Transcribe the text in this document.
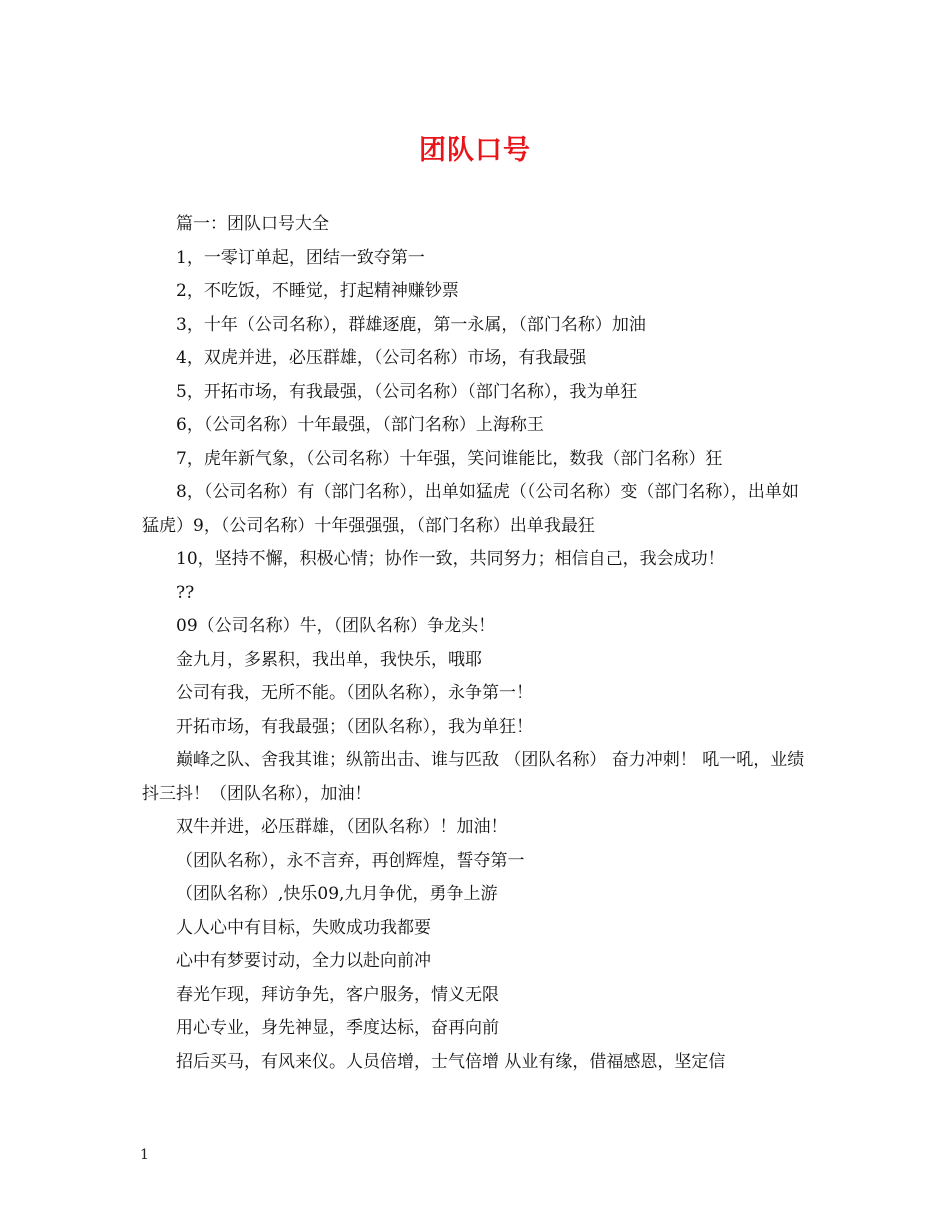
团队口号

篇一：团队口号大全

1，一零订单起，团结一致夺第一

2，不吃饭，不睡觉，打起精神赚钞票

3，十年（公司名称），群雄逐鹿，第一永属，（部门名称）加油

4，双虎并进，必压群雄，（公司名称）市场，有我最强

5，开拓市场，有我最强，（公司名称）（部门名称），我为单狂

6，（公司名称）十年最强，（部门名称）上海称王

7，虎年新气象，（公司名称）十年强，笑问谁能比，数我（部门名称）狂

8，（公司名称）有（部门名称），出单如猛虎（（公司名称）变（部门名称），出单如猛虎）9，（公司名称）十年强强强，（部门名称）出单我最狂

10，坚持不懈，积极心情；协作一致，共同努力；相信自己，我会成功！

??

09（公司名称）牛，（团队名称）争龙头！

金九月，多累积，我出单，我快乐，哦耶

公司有我，无所不能。（团队名称），永争第一！

开拓市场，有我最强；（团队名称），我为单狂！

巅峰之队、舍我其谁；纵箭出击、谁与匹敌 （团队名称） 奋力冲刺！ 吼一吼，业绩抖三抖！（团队名称），加油！

双牛并进，必压群雄，（团队名称）！加油！

（团队名称），永不言弃，再创辉煌，誓夺第一

（团队名称）,快乐09,九月争优，勇争上游

人人心中有目标，失败成功我都要

心中有梦要讨动，全力以赴向前冲

春光乍现，拜访争先，客户服务，情义无限

用心专业，身先神显，季度达标，奋再向前

招后买马，有风来仪。人员倍增，士气倍增 从业有缘，借福感恩，坚定信

1
